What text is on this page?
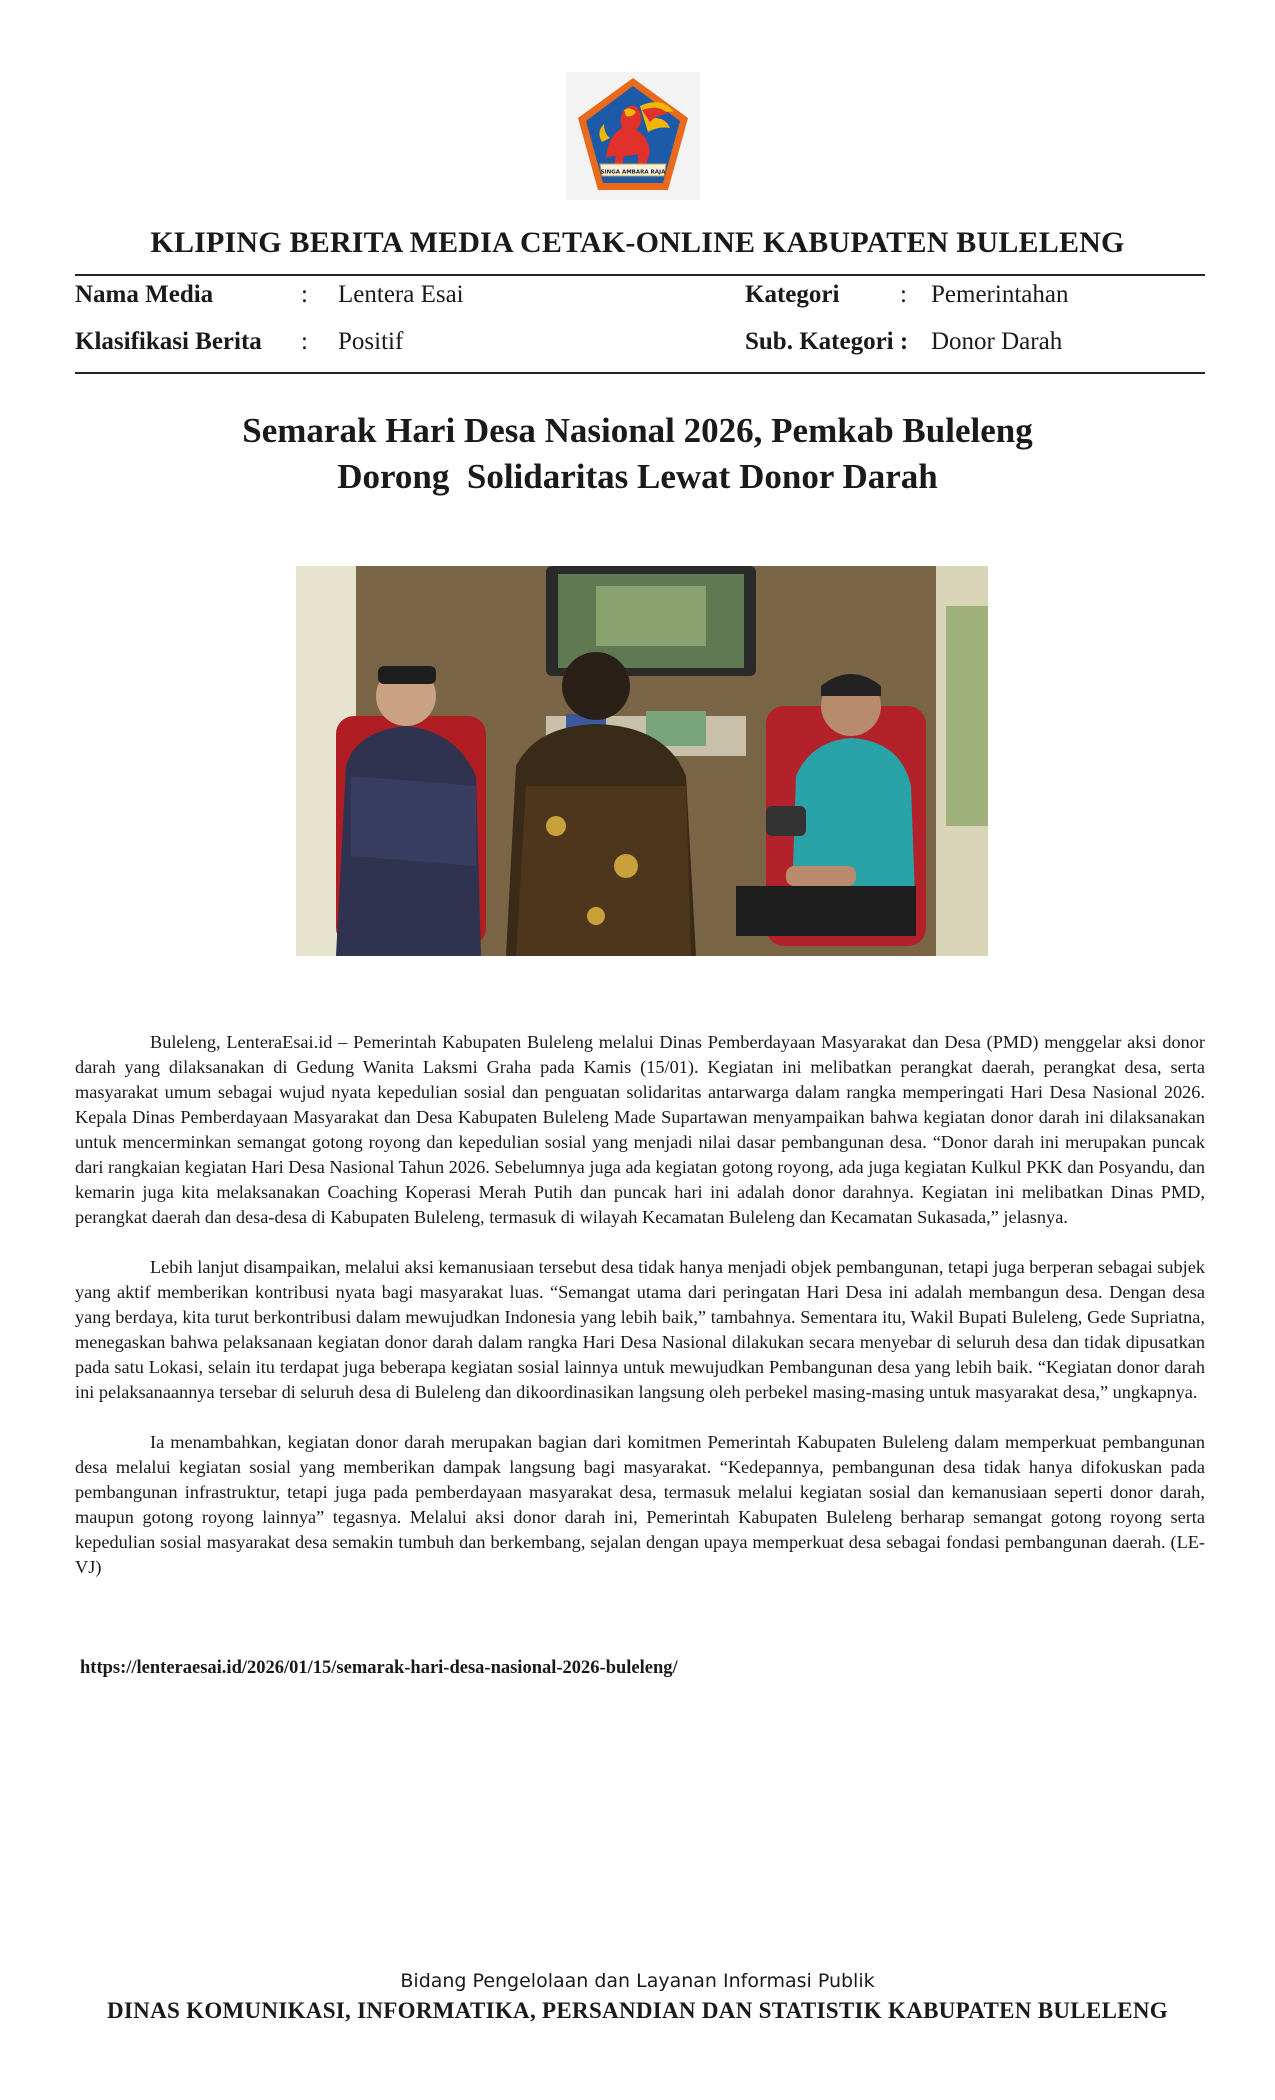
SINGA AMBARA RAJA
KLIPING BERITA MEDIA CETAK-ONLINE KABUPATEN BULELENG
Nama Media	: Lentera Esai	Kategori : Pemerintahan
Klasifikasi Berita : Positif	Sub. Kategori : Donor Darah
Semarak Hari Desa Nasional 2026, Pemkab Buleleng
Dorong  Solidaritas Lewat Donor Darah

Buleleng, LenteraEsai.id – Pemerintah Kabupaten Buleleng melalui Dinas Pemberdayaan Masyarakat dan Desa (PMD) menggelar aksi donor darah yang dilaksanakan di Gedung Wanita Laksmi Graha pada Kamis (15/01). Kegiatan ini melibatkan perangkat daerah, perangkat desa, serta masyarakat umum sebagai wujud nyata kepedulian sosial dan penguatan solidaritas antarwarga dalam rangka memperingati Hari Desa Nasional 2026. Kepala Dinas Pemberdayaan Masyarakat dan Desa Kabupaten Buleleng Made Supartawan menyampaikan bahwa kegiatan donor darah ini dilaksanakan untuk mencerminkan semangat gotong royong dan kepedulian sosial yang menjadi nilai dasar pembangunan desa. “Donor darah ini merupakan puncak dari rangkaian kegiatan Hari Desa Nasional Tahun 2026. Sebelumnya juga ada kegiatan gotong royong, ada juga kegiatan Kulkul PKK dan Posyandu, dan kemarin juga kita melaksanakan Coaching Koperasi Merah Putih dan puncak hari ini adalah donor darahnya. Kegiatan ini melibatkan Dinas PMD, perangkat daerah dan desa-desa di Kabupaten Buleleng, termasuk di wilayah Kecamatan Buleleng dan Kecamatan Sukasada,” jelasnya.

Lebih lanjut disampaikan, melalui aksi kemanusiaan tersebut desa tidak hanya menjadi objek pembangunan, tetapi juga berperan sebagai subjek yang aktif memberikan kontribusi nyata bagi masyarakat luas. “Semangat utama dari peringatan Hari Desa ini adalah membangun desa. Dengan desa yang berdaya, kita turut berkontribusi dalam mewujudkan Indonesia yang lebih baik,” tambahnya. Sementara itu, Wakil Bupati Buleleng, Gede Supriatna, menegaskan bahwa pelaksanaan kegiatan donor darah dalam rangka Hari Desa Nasional dilakukan secara menyebar di seluruh desa dan tidak dipusatkan pada satu Lokasi, selain itu terdapat juga beberapa kegiatan sosial lainnya untuk mewujudkan Pembangunan desa yang lebih baik. “Kegiatan donor darah ini pelaksanaannya tersebar di seluruh desa di Buleleng dan dikoordinasikan langsung oleh perbekel masing-masing untuk masyarakat desa,” ungkapnya.

Ia menambahkan, kegiatan donor darah merupakan bagian dari komitmen Pemerintah Kabupaten Buleleng dalam memperkuat pembangunan desa melalui kegiatan sosial yang memberikan dampak langsung bagi masyarakat. “Kedepannya, pembangunan desa tidak hanya difokuskan pada pembangunan infrastruktur, tetapi juga pada pemberdayaan masyarakat desa, termasuk melalui kegiatan sosial dan kemanusiaan seperti donor darah, maupun gotong royong lainnya” tegasnya. Melalui aksi donor darah ini, Pemerintah Kabupaten Buleleng berharap semangat gotong royong serta kepedulian sosial masyarakat desa semakin tumbuh dan berkembang, sejalan dengan upaya memperkuat desa sebagai fondasi pembangunan daerah. (LE-VJ)

https://lenteraesai.id/2026/01/15/semarak-hari-desa-nasional-2026-buleleng/
Bidang Pengelolaan dan Layanan Informasi Publik
DINAS KOMUNIKASI, INFORMATIKA, PERSANDIAN DAN STATISTIK KABUPATEN BULELENG
